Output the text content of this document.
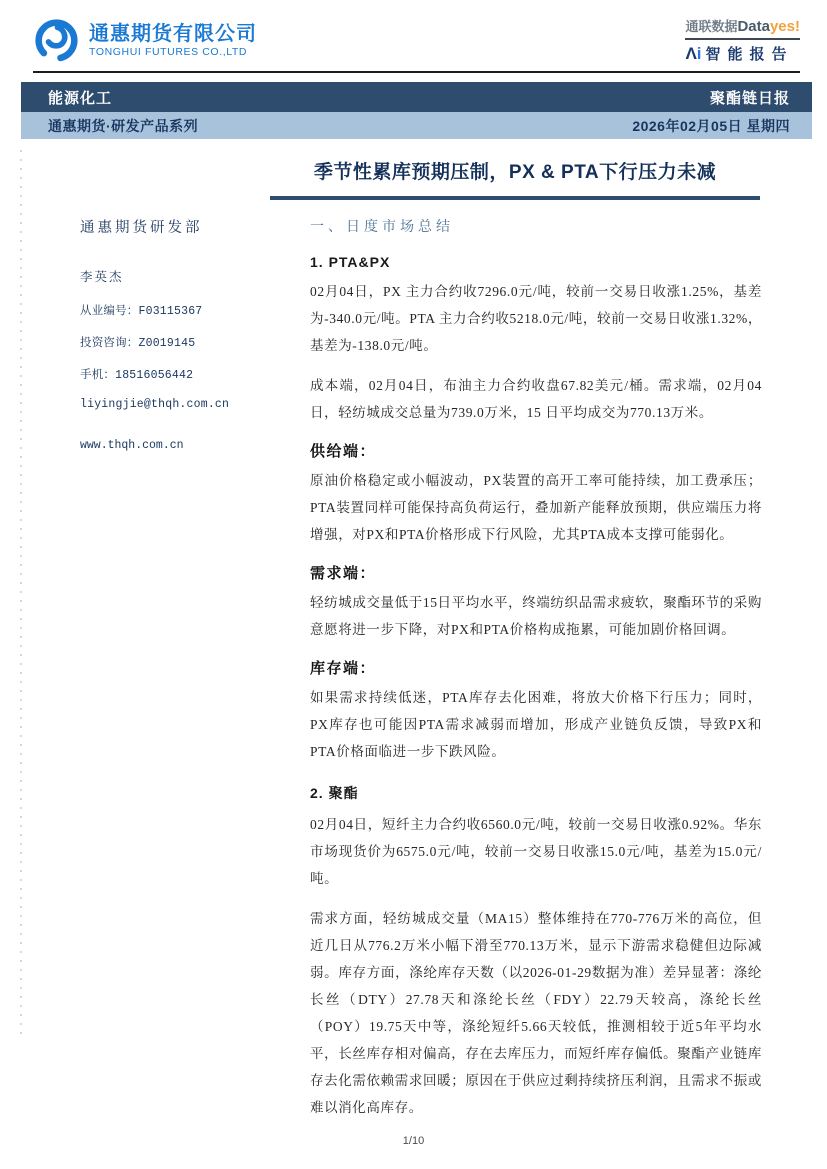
通惠期货有限公司
TONGHUI FUTURES CO.,LTD
通联数据Datayes!
Λi 智能报告
能源化工	聚酯链日报
通惠期货·研发产品系列	2026年02月05日 星期四
季节性累库预期压制，PX & PTA下行压力未减
通惠期货研发部
李英杰
从业编号：F03115367
投资咨询：Z0019145
手机：18516056442
liyingjie@thqh.com.cn
www.thqh.com.cn
一、日度市场总结
1. PTA&PX
02月04日，PX 主力合约收7296.0元/吨，较前一交易日收涨1.25%，基差为-340.0元/吨。PTA 主力合约收5218.0元/吨，较前一交易日收涨1.32%，基差为-138.0元/吨。
成本端，02月04日，布油主力合约收盘67.82美元/桶。需求端，02月04日，轻纺城成交总量为739.0万米，15 日平均成交为770.13万米。
供给端：
原油价格稳定或小幅波动，PX装置的高开工率可能持续，加工费承压；PTA装置同样可能保持高负荷运行，叠加新产能释放预期，供应端压力将增强，对PX和PTA价格形成下行风险，尤其PTA成本支撑可能弱化。
需求端：
轻纺城成交量低于15日平均水平，终端纺织品需求疲软，聚酯环节的采购意愿将进一步下降，对PX和PTA价格构成拖累，可能加剧价格回调。
库存端：
如果需求持续低迷，PTA库存去化困难，将放大价格下行压力；同时，PX库存也可能因PTA需求减弱而增加，形成产业链负反馈，导致PX和PTA价格面临进一步下跌风险。
2. 聚酯
02月04日，短纤主力合约收6560.0元/吨，较前一交易日收涨0.92%。华东市场现货价为6575.0元/吨，较前一交易日收涨15.0元/吨，基差为15.0元/吨。
需求方面，轻纺城成交量（MA15）整体维持在770-776万米的高位，但近几日从776.2万米小幅下滑至770.13万米，显示下游需求稳健但边际减弱。库存方面，涤纶库存天数（以2026-01-29数据为准）差异显著：涤纶长丝（DTY）27.78天和涤纶长丝（FDY）22.79天较高，涤纶长丝（POY）19.75天中等，涤纶短纤5.66天较低，推测相较于近5年平均水平，长丝库存相对偏高，存在去库压力，而短纤库存偏低。聚酯产业链库存去化需依赖需求回暖；原因在于供应过剩持续挤压利润，且需求不振或难以消化高库存。
1/10
